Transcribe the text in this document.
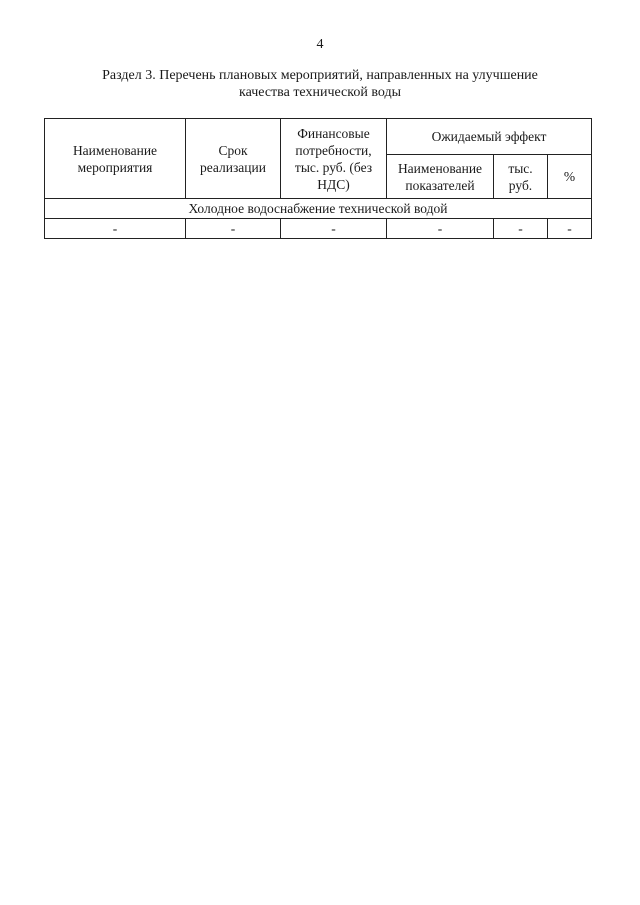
4
Раздел 3. Перечень плановых мероприятий, направленных на улучшение
качества технической воды
Наименование мероприятия	Срок реализации	Финансовые потребности, тыс. руб. (без НДС)	Ожидаемый эффект		
			Наименование показателей	тыс. руб.	%
Холодное водоснабжение технической водой					
-	-	-	-	-	-
